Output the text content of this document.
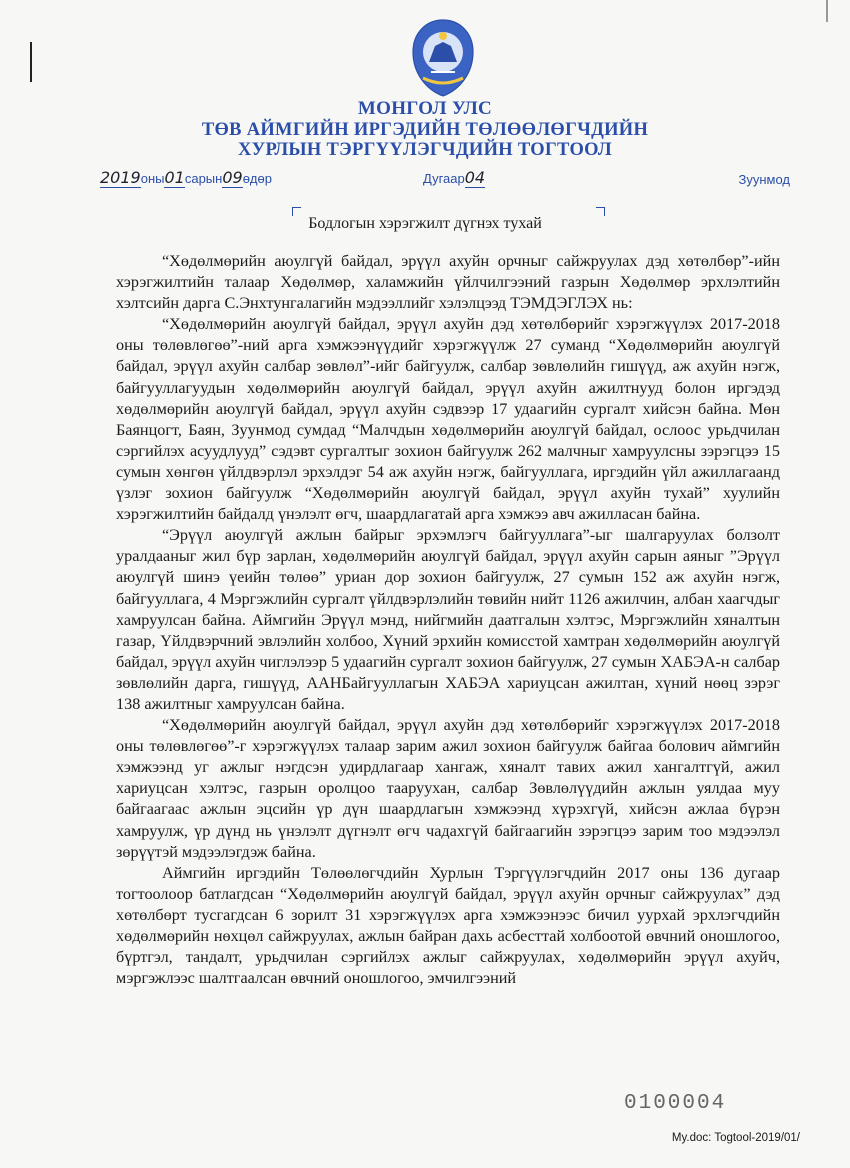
МОНГОЛ УЛС
ТӨВ АЙМГИЙН ИРГЭДИЙН ТӨЛӨӨЛӨГЧДИЙН
ХУРЛЫН ТЭРГҮҮЛЭГЧДИЙН ТОГТООЛ
2019оны01сарын09өдөр	Дугаар04	Зуунмод
Бодлогын хэрэгжилт дүгнэх тухай

“Хөдөлмөрийн аюулгүй байдал, эрүүл ахуйн орчныг сайжруулах дэд хөтөлбөр”-ийн хэрэгжилтийн талаар Хөдөлмөр, халамжийн үйлчилгээний газрын Хөдөлмөр эрхлэлтийн хэлтсийн дарга С.Энхтунгалагийн мэдээллийг хэлэлцээд ТЭМДЭГЛЭХ нь:

“Хөдөлмөрийн аюулгүй байдал, эрүүл ахуйн дэд хөтөлбөрийг хэрэгжүүлэх 2017-2018 оны төлөвлөгөө”-ний арга хэмжээнүүдийг хэрэгжүүлж 27 суманд “Хөдөлмөрийн аюулгүй байдал, эрүүл ахуйн салбар зөвлөл”-ийг байгуулж, салбар зөвлөлийн гишүүд, аж ахуйн нэгж, байгууллагуудын хөдөлмөрийн аюулгүй байдал, эрүүл ахуйн ажилтнууд болон иргэдэд хөдөлмөрийн аюулгүй байдал, эрүүл ахуйн сэдвээр 17 удаагийн сургалт хийсэн байна. Мөн Баянцогт, Баян, Зуунмод сумдад “Малчдын хөдөлмөрийн аюулгүй байдал, ослоос урьдчилан сэргийлэх асуудлууд” сэдэвт сургалтыг зохион байгуулж 262 малчныг хамруулсны зэрэгцээ 15 сумын хөнгөн үйлдвэрлэл эрхэлдэг 54 аж ахуйн нэгж, байгууллага, иргэдийн үйл ажиллагаанд үзлэг зохион байгуулж “Хөдөлмөрийн аюулгүй байдал, эрүүл ахуйн тухай” хуулийн хэрэгжилтийн байдалд үнэлэлт өгч, шаардлагатай арга хэмжээ авч ажилласан байна.

“Эрүүл аюулгүй ажлын байрыг эрхэмлэгч байгууллага”-ыг шалгаруулах болзолт уралдааныг жил бүр зарлан, хөдөлмөрийн аюулгүй байдал, эрүүл ахуйн сарын аяныг ”Эрүүл аюулгүй шинэ үеийн төлөө” уриан дор зохион байгуулж, 27 сумын 152 аж ахуйн нэгж, байгууллага, 4 Мэргэжлийн сургалт үйлдвэрлэлийн төвийн нийт 1126 ажилчин, албан хаагчдыг хамруулсан байна. Аймгийн Эрүүл мэнд, нийгмийн даатгалын хэлтэс, Мэргэжлийн хяналтын газар, Үйлдвэрчний эвлэлийн холбоо, Хүний эрхийн комисстой хамтран хөдөлмөрийн аюулгүй байдал, эрүүл ахуйн чиглэлээр 5 удаагийн сургалт зохион байгуулж, 27 сумын ХАБЭА-н салбар зөвлөлийн дарга, гишүүд, ААНБайгууллагын ХАБЭА хариуцсан ажилтан, хүний нөөц зэрэг 138 ажилтныг хамруулсан байна.

“Хөдөлмөрийн аюулгүй байдал, эрүүл ахуйн дэд хөтөлбөрийг хэрэгжүүлэх 2017-2018 оны төлөвлөгөө”-г хэрэгжүүлэх талаар зарим ажил зохион байгуулж байгаа болович аймгийн хэмжээнд уг ажлыг нэгдсэн удирдлагаар хангаж, хяналт тавих ажил хангалтгүй, ажил хариуцсан хэлтэс, газрын оролцоо тааруухан, салбар Зөвлөлүүдийн ажлын уялдаа муу байгаагаас ажлын эцсийн үр дүн шаардлагын хэмжээнд хүрэхгүй, хийсэн ажлаа бүрэн хамруулж, үр дүнд нь үнэлэлт дүгнэлт өгч чадахгүй байгаагийн зэрэгцээ зарим тоо мэдээлэл зөрүүтэй мэдээлэгдэж байна.

Аймгийн иргэдийн Төлөөлөгчдийн Хурлын Тэргүүлэгчдийн 2017 оны 136 дугаар тогтоолоор батлагдсан “Хөдөлмөрийн аюулгүй байдал, эрүүл ахуйн орчныг сайжруулах” дэд хөтөлбөрт тусгагдсан 6 зорилт 31 хэрэгжүүлэх арга хэмжээнээс бичил уурхай эрхлэгчдийн хөдөлмөрийн нөхцөл сайжруулах, ажлын байран дахь асбесттай холбоотой өвчний оношлогоо, бүртгэл, тандалт, урьдчилан сэргийлэх ажлыг сайжруулах, хөдөлмөрийн эрүүл ахуйч, мэргэжлээс шалтгаалсан өвчний оношлогоо, эмчилгээний

0100004
My.doc: Togtool-2019/01/
